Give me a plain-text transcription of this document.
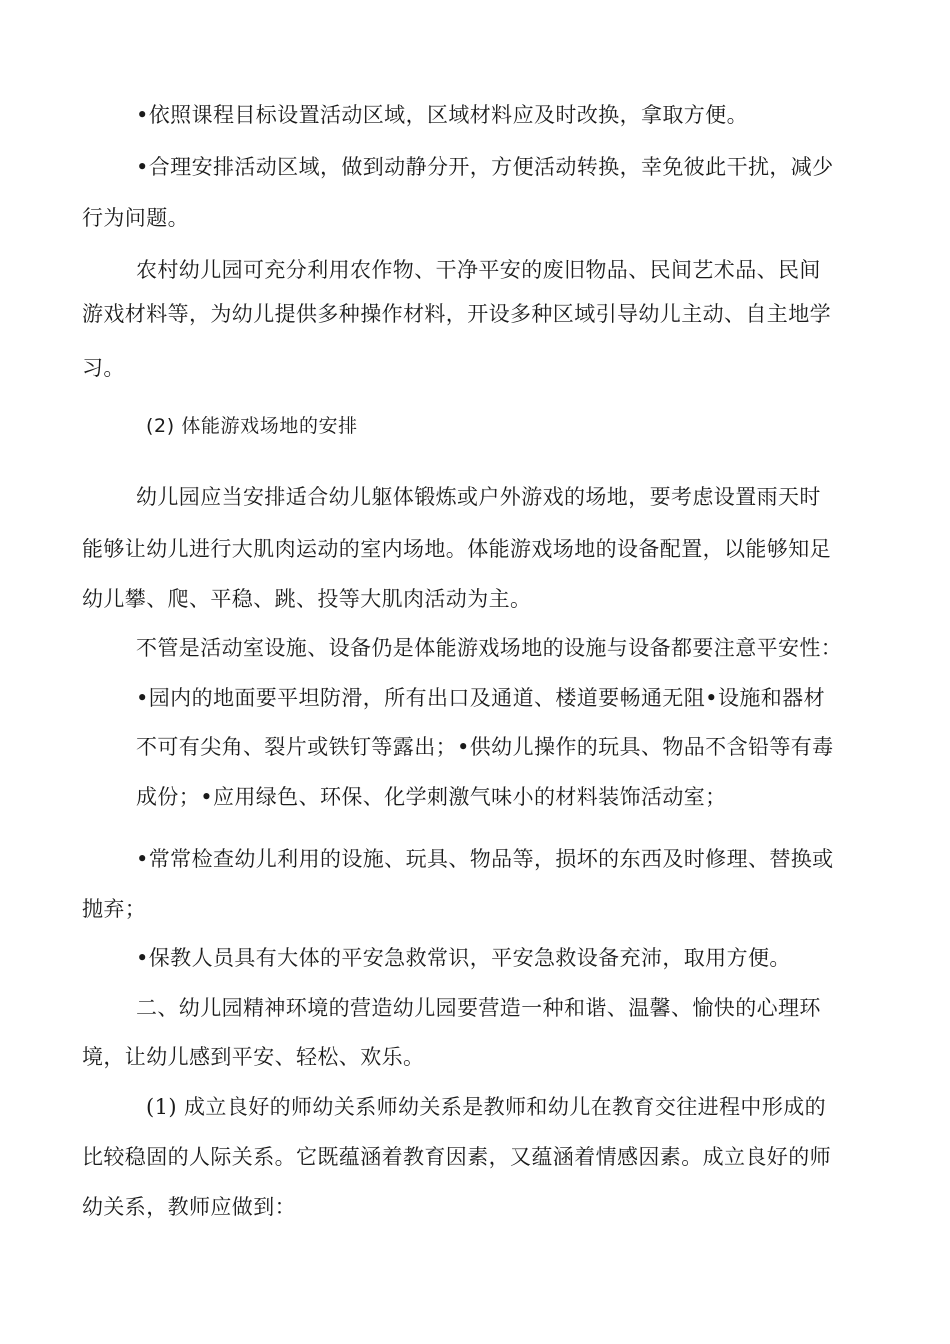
•依照课程目标设置活动区域，区域材料应及时改换，拿取方便。

•合理安排活动区域，做到动静分开，方便活动转换，幸免彼此干扰，减少

行为问题。

农村幼儿园可充分利用农作物、干净平安的废旧物品、民间艺术品、民间

游戏材料等，为幼儿提供多种操作材料，开设多种区域引导幼儿主动、自主地学

习。

(2) 体能游戏场地的安排

幼儿园应当安排适合幼儿躯体锻炼或户外游戏的场地，要考虑设置雨天时

能够让幼儿进行大肌肉运动的室内场地。体能游戏场地的设备配置，以能够知足

幼儿攀、爬、平稳、跳、投等大肌肉活动为主。

不管是活动室设施、设备仍是体能游戏场地的设施与设备都要注意平安性：

•园内的地面要平坦防滑，所有出口及通道、楼道要畅通无阻•设施和器材

不可有尖角、裂片或铁钉等露出；•供幼儿操作的玩具、物品不含铅等有毒

成份；•应用绿色、环保、化学刺激气味小的材料装饰活动室；

•常常检查幼儿利用的设施、玩具、物品等，损坏的东西及时修理、替换或

抛弃；

•保教人员具有大体的平安急救常识，平安急救设备充沛，取用方便。

二、幼儿园精神环境的营造幼儿园要营造一种和谐、温馨、愉快的心理环

境，让幼儿感到平安、轻松、欢乐。

(1) 成立良好的师幼关系师幼关系是教师和幼儿在教育交往进程中形成的

比较稳固的人际关系。它既蕴涵着教育因素，又蕴涵着情感因素。成立良好的师

幼关系，教师应做到：
